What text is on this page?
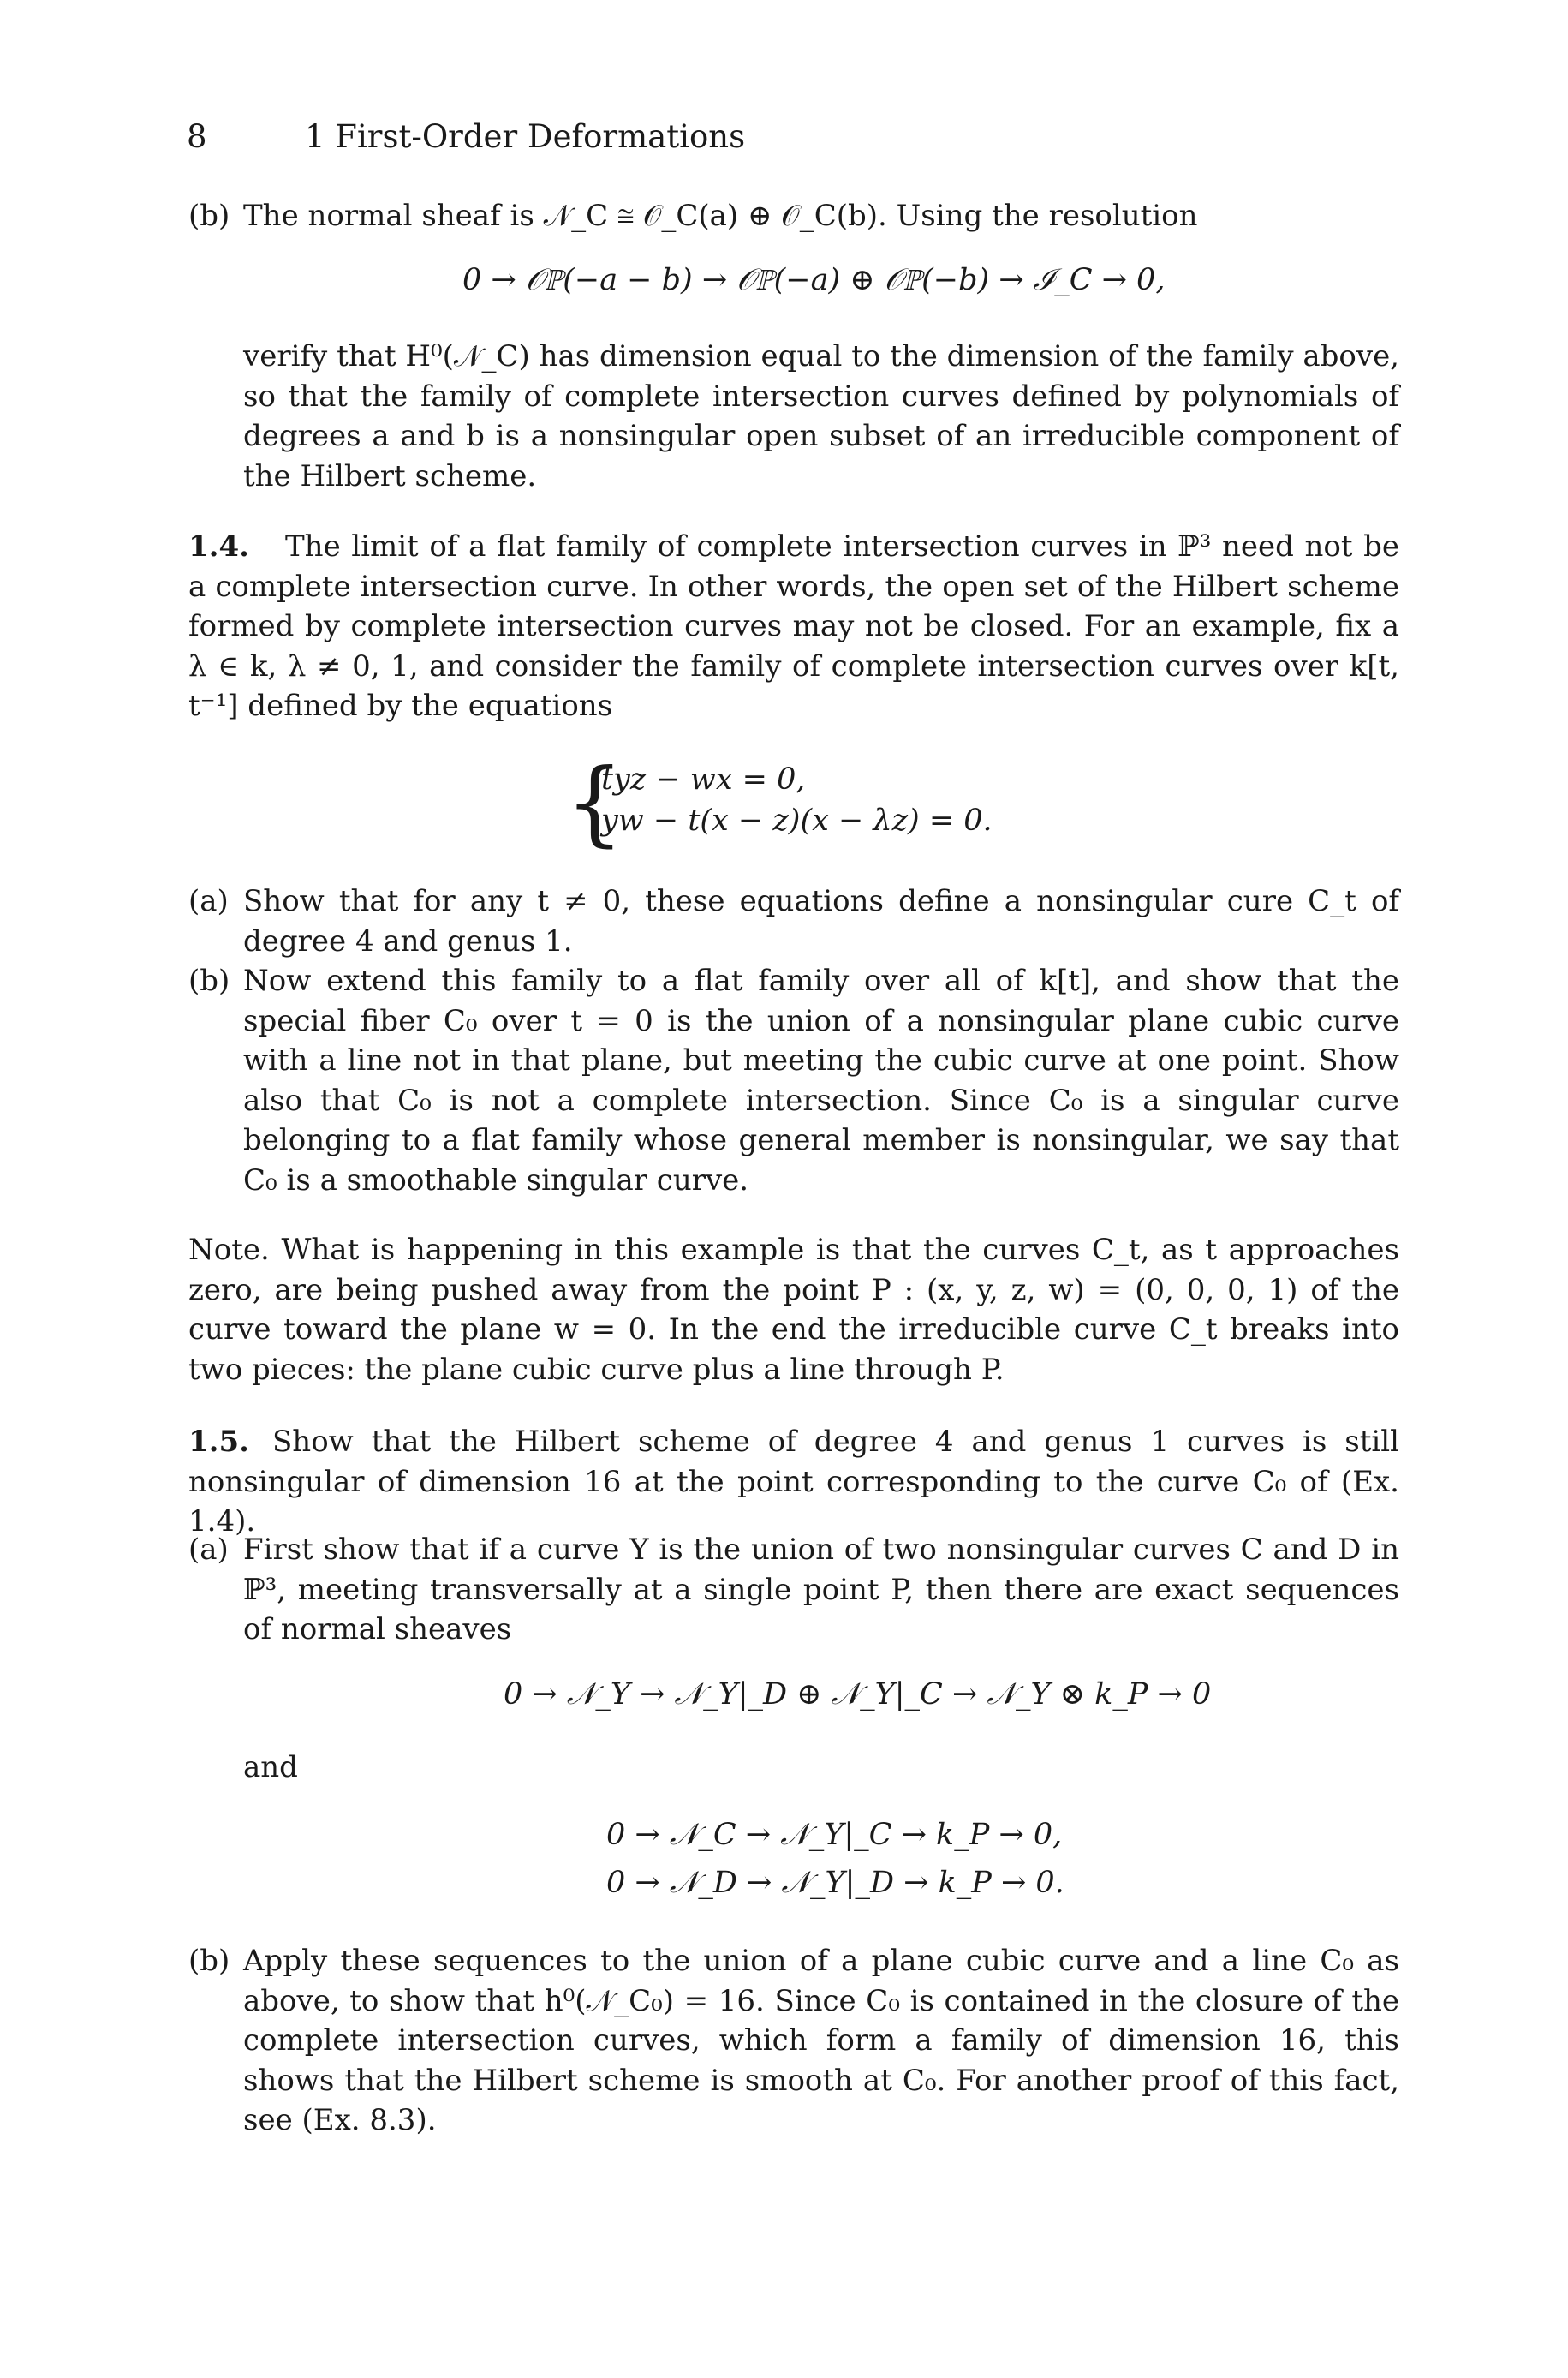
8	1 First-Order Deformations
(b) The normal sheaf is 𝒩_C ≅ 𝒪_C(a) ⊕ 𝒪_C(b). Using the resolution
0 → 𝒪ℙ(−a − b) → 𝒪ℙ(−a) ⊕ 𝒪ℙ(−b) → ℐ_C → 0,
verify that H⁰(𝒩_C) has dimension equal to the dimension of the family above, so that the family of complete intersection curves defined by polynomials of degrees a and b is a nonsingular open subset of an irreducible component of the Hilbert scheme.
The limit of a flat family of complete intersection curves in ℙ³ need not be a complete intersection curve. In other words, the open set of the Hilbert scheme formed by complete intersection curves may not be closed. For an example, fix a λ ∈ k, λ ≠ 0, 1, and consider the family of complete intersection curves over k[t, t⁻¹] defined by the equations
1.4.
{
tyz − wx = 0,
yw − t(x − z)(x − λz) = 0.
(a) Show that for any t ≠ 0, these equations define a nonsingular cure C_t of degree 4 and genus 1.
(b) Now extend this family to a flat family over all of k[t], and show that the special fiber C₀ over t = 0 is the union of a nonsingular plane cubic curve with a line not in that plane, but meeting the cubic curve at one point. Show also that C₀ is not a complete intersection. Since C₀ is a singular curve belonging to a flat family whose general member is nonsingular, we say that C₀ is a smoothable singular curve.
Note. What is happening in this example is that the curves C_t, as t approaches zero, are being pushed away from the point P : (x, y, z, w) = (0, 0, 0, 1) of the curve toward the plane w = 0. In the end the irreducible curve C_t breaks into two pieces: the plane cubic curve plus a line through P.
Show that the Hilbert scheme of degree 4 and genus 1 curves is still nonsingular of dimension 16 at the point corresponding to the curve C₀ of (Ex. 1.4).
1.5.
(a) First show that if a curve Y is the union of two nonsingular curves C and D in ℙ³, meeting transversally at a single point P, then there are exact sequences of normal sheaves
0 → 𝒩_Y → 𝒩_Y|_D ⊕ 𝒩_Y|_C → 𝒩_Y ⊗ k_P → 0
and
0 → 𝒩_C → 𝒩_Y|_C → k_P → 0,
0 → 𝒩_D → 𝒩_Y|_D → k_P → 0.
(b) Apply these sequences to the union of a plane cubic curve and a line C₀ as above, to show that h⁰(𝒩_C₀) = 16. Since C₀ is contained in the closure of the complete intersection curves, which form a family of dimension 16, this shows that the Hilbert scheme is smooth at C₀. For another proof of this fact, see (Ex. 8.3).
